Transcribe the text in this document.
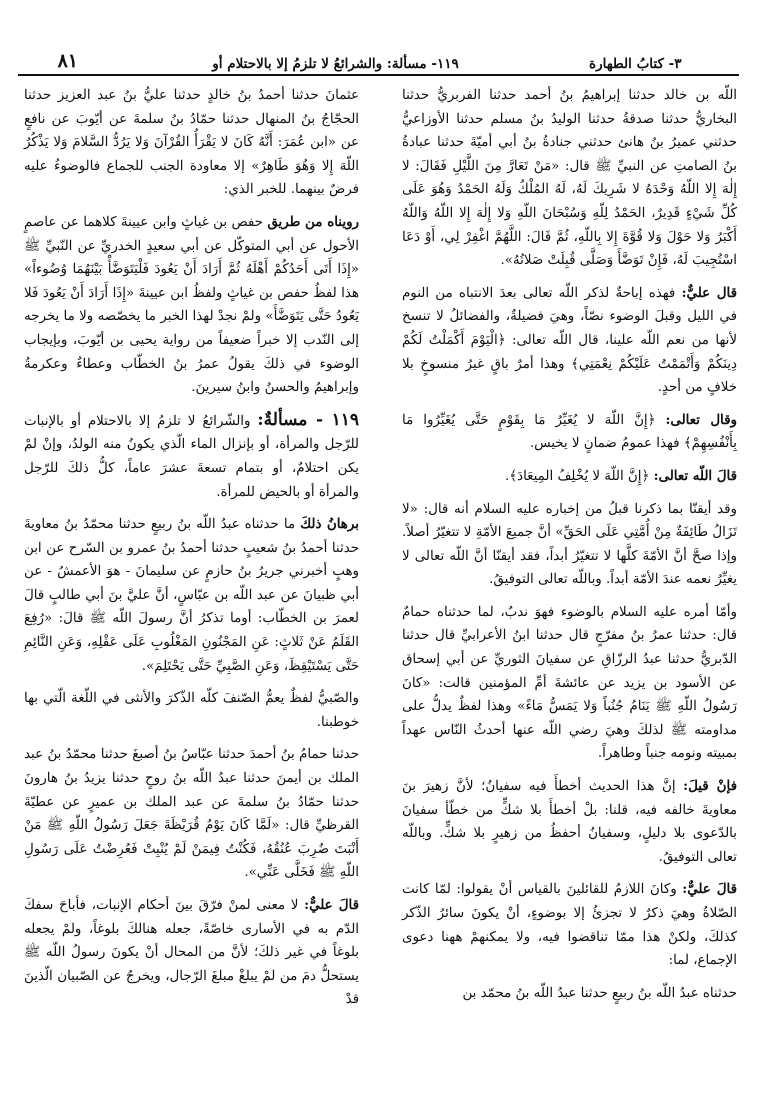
٨١	١١٩- مسألة: والشرائعُ لا تلزمُ إلا بالاحتلام أو	٣- كتابُ الطهارة

اللّه بن خالد حدثنا إبراهيمُ بنُ أحمد حدثنا الفربريُّ حدثنا البخاريُّ حدثنا صدقةُ حدثنا الوليدُ بنُ مسلم حدثنا الأوزاعيُّ حدثني عميرُ بنُ هانئ حدثني جنادةُ بنُ أبي أميّةَ حدثنا عبادةُ بنُ الصامتِ عن النبيِّ ﷺ قال: «مَنْ تَعَارَّ مِنَ اللَّيْلِ فَقَالَ: لا إِلٰهَ إِلا اللّهُ وَحْدَهُ لا شَرِيكَ لَهُ، لَهُ المُلْكُ وَلَهُ الحَمْدُ وَهُوَ عَلَى كُلِّ شَيْءٍ قَدِيرٌ، الحَمْدُ لِلّهِ وَسُبْحَانَ اللّهِ وَلا إِلٰهَ إِلا اللّهُ وَاللّهُ أَكْبَرُ وَلا حَوْلَ وَلا قُوَّةَ إِلا بِاللّهِ، ثُمَّ قَالَ: اللَّهُمَّ اغْفِرْ لِي، أَوْ دَعَا اسْتُجِيبَ لَهُ، فَإِنْ تَوَضَّأَ وَصَلَّى قُبِلَتْ صَلاتُهُ».

قال عليٌّ: فهذه إباحةٌ لذكر اللّه تعالى بعدَ الانتباه من النوم في الليل وقبلَ الوضوء نصّاً، وهيَ فضيلةٌ، والفضائلُ لا تنسخ لأنها من نعم اللّه علينا، قال اللّه تعالى: ﴿الْيَوْمَ أَكْمَلْتُ لَكُمْ دِينَكُمْ وَأَتْمَمْتُ عَلَيْكُمْ نِعْمَتِي﴾ وهذا أمرٌ باقٍ غيرُ منسوخٍ بلا خلافٍ من أحدٍ.

وقال تعالى: ﴿إِنَّ اللّهَ لا يُغَيِّرُ مَا بِقَوْمٍ حَتَّى يُغَيِّرُوا مَا بِأَنْفُسِهِمْ﴾ فهذا عمومُ ضمانٍ لا يخيس.

قالَ اللّه تعالى: ﴿إِنَّ اللّهَ لا يُخْلِفُ المِيعَادَ﴾.

وقد أيقنّا بما ذكرنا قبلُ من إخباره عليه السلام أنه قال: «لا تَزَالُ طَائِفَةٌ مِنْ أُمَّتِي عَلَى الحَقِّ» أنَّ جميعَ الأمّةِ لا تتغيّرُ أصلاً. وإذا صحَّ أنَّ الأمّةَ كلَّها لا تتغيّرُ أبداً، فقد أيقنّا أنَّ اللّه تعالى لا يغيِّرُ نعمه عندَ الأمّة أبداً. وباللّه تعالى التوفيقُ.

وأمّا أمره عليه السلام بالوضوء فهوَ ندبٌ، لما حدثناه حمامٌ قال: حدثنا عمرُ بنُ مفرّجٍ قال حدثنا ابنُ الأعرابيِّ قال حدثنا الدّبريُّ حدثنا عبدُ الرزّاقِ عن سفيانَ الثوريِّ عن أبي إسحاق عن الأسود بن يزيد عن عائشةَ أمِّ المؤمنين قالت: «كانَ رَسُولُ اللّهِ ﷺ يَنَامُ جُنُباً وَلا يَمَسُّ مَاءً» وهذا لفظٌ يدلُّ على مداومته ﷺ لذلكَ وهيَ رضي اللّه عنها أحدثُ النّاس عهداً بمبيته ونومه جنباً وطاهراً.

فإنْ قيلَ: إنَّ هذا الحديث أخطأَ فيه سفيانُ؛ لأنَّ زهيرَ بنَ معاويةَ خالفه فيه، قلنا: بلْ أخطأَ بلا شكٍّ من خطّأ سفيانَ بالدّعوى بلا دليلٍ، وسفيانُ أحفظُ من زهيرٍ بلا شكٍّ. وباللّه تعالى التوفيقُ.

قالَ عليٌّ: وكانَ اللازمُ للقائلينَ بالقياس أنْ يقولوا: لمّا كانت الصّلاةُ وهيَ ذكرٌ لا تجزئُ إلا بوضوءٍ، أنْ يكونَ سائرُ الذّكر كذلكَ، ولكنْ هذا ممّا تناقضوا فيه، ولا يمكنهمْ ههنا دعوى الإجماع، لما:

حدثناه عبدُ اللّه بنُ ربيعٍ حدثنا عبدُ اللّه بنُ محمّد بن

عثمانَ حدثنا أحمدُ بنُ خالدٍ حدثنا عليُّ بنُ عبد العزيز حدثنا الحجّاجُ بنُ المنهال حدثنا حمّادُ بنُ سلمةَ عن أيّوبَ عن نافعٍ عن «ابن عُمَرَ: أَنَّهُ كَانَ لا يَقْرَأُ القُرْآنَ وَلا يَرُدُّ السَّلامَ وَلا يَذْكُرُ اللّهَ إِلا وَهُوَ طَاهِرٌ» إلا معاودة الجنب للجماع فالوضوءُ عليه فرضٌ بينهما. للخبر الذي:

رويناه من طريق حفص بن غياثٍ وابن عيينةَ كلاهما عن عاصمٍ الأحول عن أبي المتوكّل عن أبي سعيدٍ الخدريِّ عن النّبيِّ ﷺ «إِذَا أَتَى أَحَدُكُمْ أَهْلَهُ ثُمَّ أَرَادَ أَنْ يَعُودَ فَلْيَتَوَضَّأْ بَيْنَهُمَا وُضُوءاً» هذا لفظُ حفص بن غياثٍ ولفظُ ابن عيينةَ «إِذَا أَرَادَ أَنْ يَعُودَ فَلا يَعُودُ حَتَّى يَتَوَضَّأَ» ولمْ نجدْ لهذا الخبر ما يخصّصه ولا ما يخرجه إلى النّدب إلا خبراً ضعيفاً من رواية يحيى بن أيّوبَ، وبإيجاب الوضوء في ذلكَ يقولُ عمرُ بنُ الخطّاب وعطاءٌ وعكرمةُ وإبراهيمُ والحسنُ وابنُ سيرينَ.

١١٩ - مسألةٌ: والشّرائعُ لا تلزمُ إلا بالاحتلام أو بالإنبات للرّجل والمرأة، أو بإنزال الماء الّذي يكونُ منه الولدُ، وإنْ لمْ يكن احتلامٌ، أو بتمام تسعةَ عشرَ عاماً، كلُّ ذلكَ للرّجل والمرأة أو بالحيض للمرأة.

برهانُ ذلكَ ما حدثناه عبدُ اللّه بنُ ربيعٍ حدثنا محمّدُ بنُ معاويةَ حدثنا أحمدُ بنُ شعيبٍ حدثنا أحمدُ بنُ عمرو بن السّرح عن ابن وهبٍ أخبرني جريرُ بنُ حازمٍ عن سليمانَ - هوَ الأعمشُ - عن أبي ظبيانَ عن عبد اللّه بن عبّاسٍ، أنَّ عليَّ بنَ أبي طالبٍ قالَ لعمرَ بن الخطّاب: أوما تذكرُ أنَّ رسولَ اللّه ﷺ قالَ: «رُفِعَ القَلَمُ عَنْ ثَلاثٍ: عَنِ المَجْنُونِ المَغْلُوبِ عَلَى عَقْلِهِ، وَعَنِ النَّائِمِ حَتَّى يَسْتَيْقِظَ، وَعَنِ الصَّبِيِّ حَتَّى يَحْتَلِمَ».

والصّبيُّ لفظٌ يعمُّ الصّنفَ كلّه الذّكرَ والأنثى في اللّغة الّتي بها خوطبنا.

حدثنا حمامُ بنُ أحمدَ حدثنا عبّاسُ بنُ أصبغَ حدثنا محمّدُ بنُ عبد الملك بن أيمنَ حدثنا عبدُ اللّه بنُ روحٍ حدثنا يزيدُ بنُ هارونَ حدثنا حمّادُ بنُ سلمةَ عن عبد الملك بن عميرٍ عن عطيّةَ القرظيِّ قال: «لَمَّا كَانَ يَوْمُ قُرَيْظَةَ جَعَلَ رَسُولُ اللّهِ ﷺ مَنْ أَنْبَتَ ضُرِبَ عُنُقُهُ، فَكُنْتُ فِيمَنْ لَمْ يُنْبِتْ فَعُرِضْتُ عَلَى رَسُولِ اللّهِ ﷺ فَخَلَّى عَنِّي».

قالَ عليٌّ: لا معنى لمنْ فرّقَ بينَ أحكام الإنبات، فأباحَ سفكَ الدّم به في الأسارى خاصّةً، جعله هنالكَ بلوغاً، ولمْ يجعله بلوغاً في غير ذلكَ؛ لأنَّ من المحال أنْ يكونَ رسولُ اللّه ﷺ يستحلُّ دمَ من لمْ يبلغْ مبلغَ الرّجال، ويخرجُ عن الصّبيان الّذينَ قدْ
